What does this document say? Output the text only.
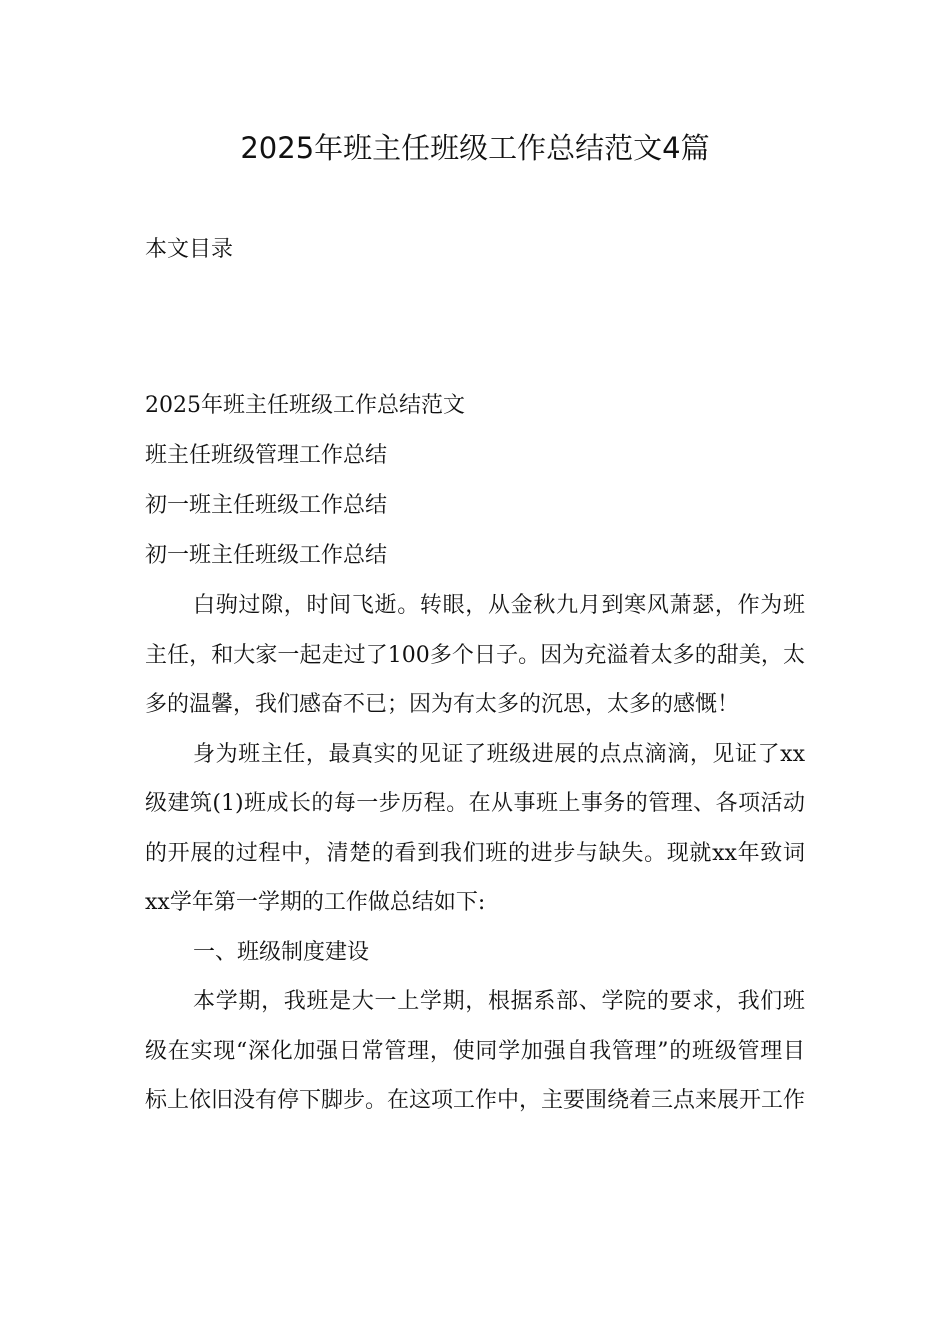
2025年班主任班级工作总结范文4篇

本文目录

2025年班主任班级工作总结范文
班主任班级管理工作总结
初一班主任班级工作总结
初一班主任班级工作总结

白驹过隙，时间飞逝。转眼，从金秋九月到寒风萧瑟，作为班主任，和大家一起走过了100多个日子。因为充溢着太多的甜美，太多的温馨，我们感奋不已；因为有太多的沉思，太多的感慨！

身为班主任，最真实的见证了班级进展的点点滴滴，见证了xx级建筑(1)班成长的每一步历程。在从事班上事务的管理、各项活动的开展的过程中，清楚的看到我们班的进步与缺失。现就xx年致词xx学年第一学期的工作做总结如下:

一、班级制度建设

本学期，我班是大一上学期，根据系部、学院的要求，我们班级在实现“深化加强日常管理，使同学加强自我管理”的班级管理目标上依旧没有停下脚步。在这项工作中，主要围绕着三点来展开工作
